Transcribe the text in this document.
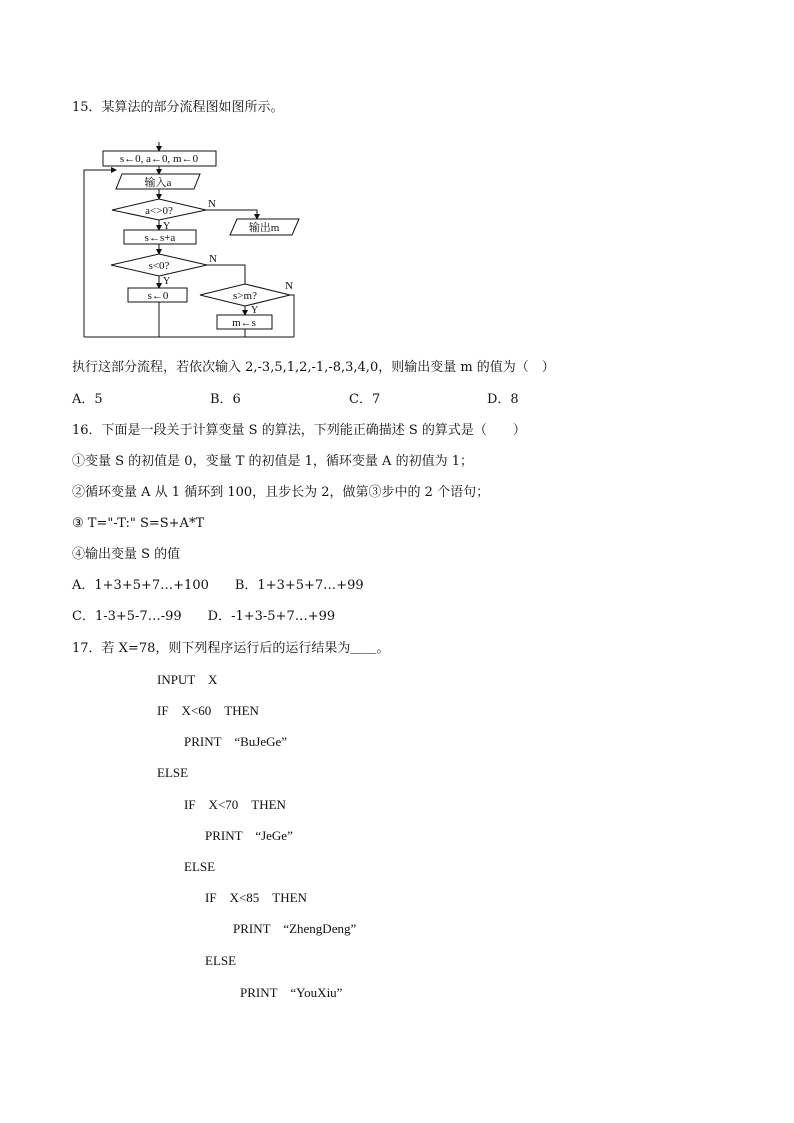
15．某算法的部分流程图如图所示。
s←0, a←0, m←0
输入a
a<>0?
N
Y	输出m
s←s+a
s<0?
N
Y
s←0	s>m?
N
Y
m←s
执行这部分流程，若依次输入 2,-3,5,1,2,-1,-8,3,4,0，则输出变量 m 的值为（　）
A．5	B．6	C．7	D．8
16．下面是一段关于计算变量 S 的算法，下列能正确描述 S 的算式是（　　）
①变量 S 的初值是 0，变量 T 的初值是 1，循环变量 A 的初值为 1；
②循环变量 A 从 1 循环到 100，且步长为 2，做第③步中的 2 个语句；
③ T="-T:" S=S+A*T
④输出变量 S 的值
A．1+3+5+7…+100　　B．1+3+5+7…+99
C．1-3+5-7…-99　　D．-1+3-5+7…+99
17．若 X=78，则下列程序运行后的运行结果为＿＿。
INPUT　X
IF　X<60　THEN
PRINT　“BuJeGe”
ELSE
IF　X<70　THEN
PRINT　“JeGe”
ELSE
IF　X<85　THEN
PRINT　“ZhengDeng”
ELSE
PRINT　“YouXiu”
